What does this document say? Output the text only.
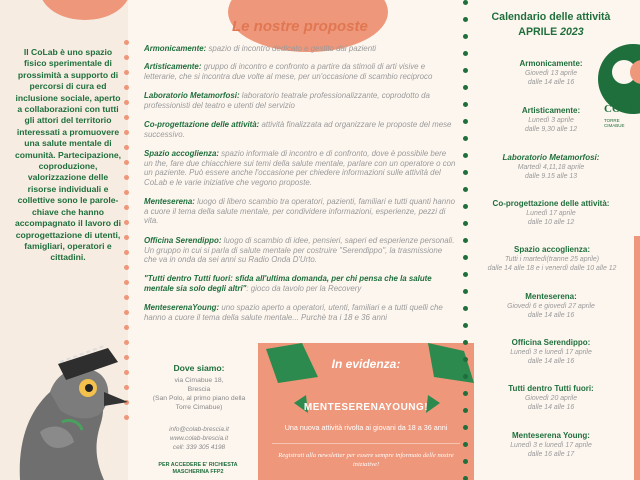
Il CoLab è uno spazio fisico sperimentale di prossimità a supporto di percorsi di cura ed inclusione sociale, aperto a collaborazioni con tutti gli attori del territorio interessati a promuovere una salute mentale di comunità. Partecipazione, coproduzione, valorizzazione delle risorse individuali e collettive sono le parole-chiave che hanno accompagnato il lavoro di coprogettazione di utenti, famigliari, operatori e cittadini.
Le nostre proposte
Armonicamente: spazio di incontro dedicato e gestito dai pazienti
Artisticamente: gruppo di incontro e confronto a partire da stimoli di arti visive e letterarie, che si incontra due volte al mese, per un'occasione di scambio reciproco
Laboratorio Metamorfosi: laboratorio teatrale professionalizzante, coprodotto da professionisti del teatro e utenti del servizio
Co-progettazione delle attività: attività finalizzata ad organizzare le proposte del mese successivo.
Spazio accoglienza: spazio informale di incontro e di confronto, dove è possibile bere un the, fare due chiacchiere sui temi della salute mentale, parlare con un operatore o con un paziente. Può essere anche l'occasione per chiedere informazioni sulle attività del CoLab e le varie iniziative che vegono proposte.
Menteserena: luogo di libero scambio tra operatori, pazienti, familiari e tutti quanti hanno a cuore il tema della salute mentale, per condividere informazioni, esperienze, pezzi di vita.
Officina Serendippo: luogo di scambio di idee, pensieri, saperi ed esperienze personali. Un gruppo in cui si parla di salute mentale per costruire "Serendippo", la trasmissione che va in onda da sei anni su Radio Onda D'Urto.
"Tutti dentro Tutti fuori: sfida all'ultima domanda, per chi pensa che la salute mentale sia solo degli altri": gioco da tavolo per la Recovery
MenteserenaYoung: uno spazio aperto a operatori, utenti, familiari e a tutti quelli che hanno a cuore il tema della salute mentale... Purchè tra i 18 e 36 anni
Dove siamo:
via Cimabue 18,
Brescia
(San Polo, al primo piano della
Torre Cimabue)
info@colab-brescia.it
www.colab-brescia.it
cell: 339 305 4198
PER ACCEDERE E' RICHIESTA MASCHERINA FFP2
In evidenza:
MENTESERENAYOUNG!
Una nuova attività rivolta ai giovani da 18 a 36 anni
Registrati alla newsletter per essere sempre informato delle nostre iniziative!
COLab
TORRE CIMABUE
Calendario delle attività
APRILE 2023
Armonicamente:
Giovedì 13 aprile
dalle 14 alle 16
Artisticamente:
Lunedì 3 aprile
dalle 9,30 alle 12
Laboratorio Metamorfosi:
Martedì 4,11,18 aprile
dalle 9.15 alle 13
Co-progettazione delle attività:
Lunedì 17 aprile
dalle 10 alle 12
Spazio accoglienza:
Tutti i martedì(tranne 25 aprile)
dalle 14 alle 18 e i venerdì dalle 10 alle 12
Menteserena:
Giovedì 6 e giovedì 27 aprile
dalle 14 alle 16
Officina Serendippo:
Lunedì 3 e lunedì 17 aprile
dalle 14 alle 16
Tutti dentro Tutti fuori:
Giovedì 20 aprile
dalle 14 alle 16
Menteserena Young:
Lunedì 3 e lunedì 17 aprile
dalle 16 alle 17
